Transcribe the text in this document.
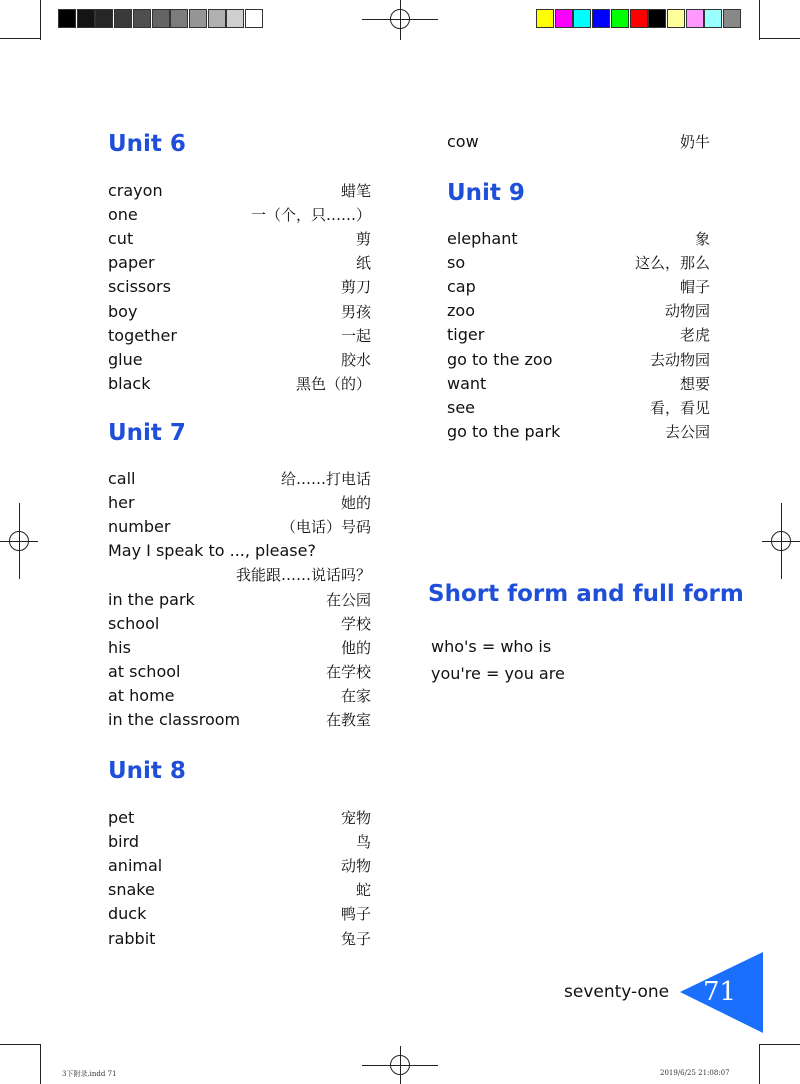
Unit 6
crayon	蜡笔
one	一（个，只……）
cut	剪
paper	纸
scissors	剪刀
boy	男孩
together	一起
glue	胶水
black	黑色（的）
Unit 7
call	给……打电话
her	她的
number	（电话）号码
May I speak to ..., please?
我能跟……说话吗？
in the park	在公园
school	学校
his	他的
at school	在学校
at home	在家
in the classroom	在教室
Unit 8
pet	宠物
bird	鸟
animal	动物
snake	蛇
duck	鸭子
rabbit	兔子
cow	奶牛
Unit 9
elephant	象
so	这么，那么
cap	帽子
zoo	动物园
tiger	老虎
go to the zoo	去动物园
want	想要
see	看，看见
go to the park	去公园
Short form and full form
who's = who is
you're = you are
seventy-one 71
3下附录.indd 71	2019/6/25 21:08:07
